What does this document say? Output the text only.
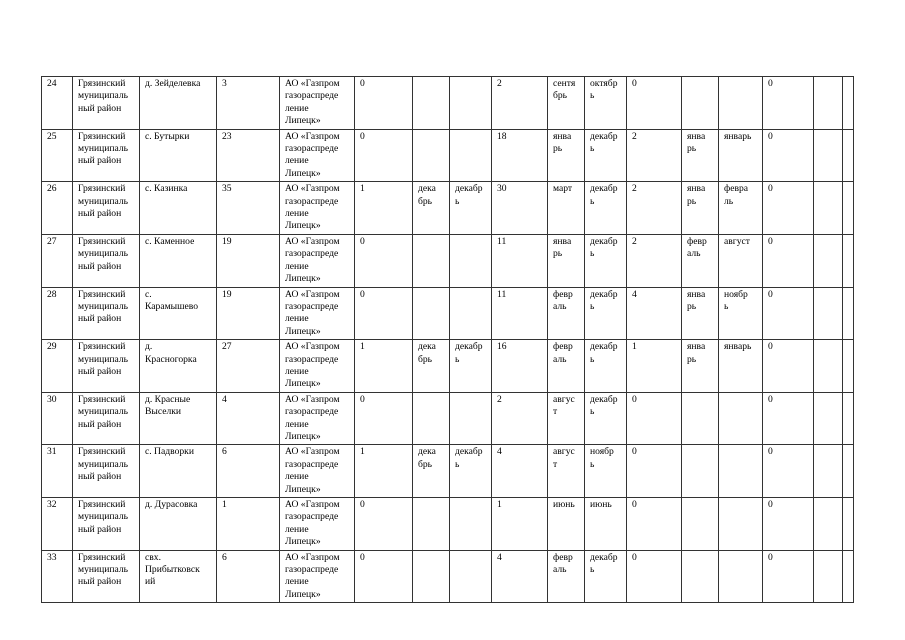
24	Грязинский
муниципаль
ный район	д. Зейделевка	3	АО «Газпром
газораспреде
ление
Липецк»	0			2	сентя
брь	октябр
ь	0			0		
25	Грязинский
муниципаль
ный район	с. Бутырки	23	АО «Газпром
газораспреде
ление
Липецк»	0			18	янва
рь	декабр
ь	2	янва
рь	январь	0		
26	Грязинский
муниципаль
ный район	с. Казинка	35	АО «Газпром
газораспреде
ление
Липецк»	1	дека
брь	декабр
ь	30	март	декабр
ь	2	янва
рь	февра
ль	0		
27	Грязинский
муниципаль
ный район	с. Каменное	19	АО «Газпром
газораспреде
ление
Липецк»	0			11	янва
рь	декабр
ь	2	февр
аль	август	0		
28	Грязинский
муниципаль
ный район	с.
Карамышево	19	АО «Газпром
газораспреде
ление
Липецк»	0			11	февр
аль	декабр
ь	4	янва
рь	ноябр
ь	0		
29	Грязинский
муниципаль
ный район	д.
Красногорка	27	АО «Газпром
газораспреде
ление
Липецк»	1	дека
брь	декабр
ь	16	февр
аль	декабр
ь	1	янва
рь	январь	0		
30	Грязинский
муниципаль
ный район	д. Красные
Выселки	4	АО «Газпром
газораспреде
ление
Липецк»	0			2	авгус
т	декабр
ь	0			0		
31	Грязинский
муниципаль
ный район	с. Падворки	6	АО «Газпром
газораспреде
ление
Липецк»	1	дека
брь	декабр
ь	4	авгус
т	ноябр
ь	0			0		
32	Грязинский
муниципаль
ный район	д. Дурасовка	1	АО «Газпром
газораспреде
ление
Липецк»	0			1	июнь	июнь	0			0		
33	Грязинский
муниципаль
ный район	свх.
Прибытковск
ий	6	АО «Газпром
газораспреде
ление
Липецк»	0			4	февр
аль	декабр
ь	0			0		
